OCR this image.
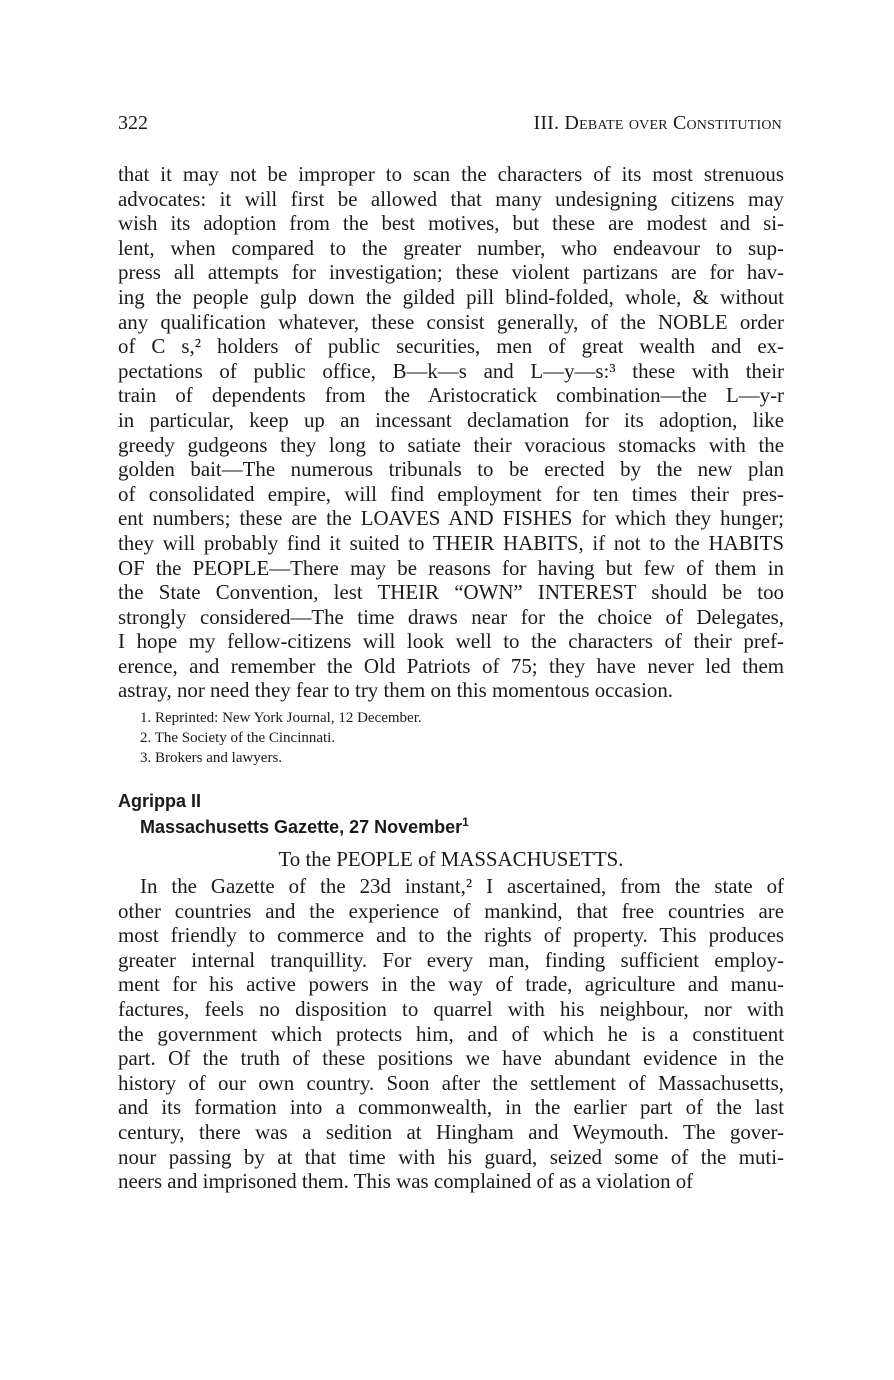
322	III. Debate over Constitution
that it may not be improper to scan the characters of its most strenuous
advocates: it will first be allowed that many undesigning citizens may
wish its adoption from the best motives, but these are modest and si-
lent, when compared to the greater number, who endeavour to sup-
press all attempts for investigation; these violent partizans are for hav-
ing the people gulp down the gilded pill blind-folded, whole, & without
any qualification whatever, these consist generally, of the NOBLE order
of C s,² holders of public securities, men of great wealth and ex-
pectations of public office, B—k—s and L—y—s:³ these with their
train of dependents from the Aristocratick combination—the L—y-r
in particular, keep up an incessant declamation for its adoption, like
greedy gudgeons they long to satiate their voracious stomacks with the
golden bait—The numerous tribunals to be erected by the new plan
of consolidated empire, will find employment for ten times their pres-
ent numbers; these are the LOAVES AND FISHES for which they hunger;
they will probably find it suited to THEIR HABITS, if not to the HABITS
OF the PEOPLE—There may be reasons for having but few of them in
the State Convention, lest THEIR “OWN” INTEREST should be too
strongly considered—The time draws near for the choice of Delegates,
I hope my fellow-citizens will look well to the characters of their pref-
erence, and remember the Old Patriots of 75; they have never led them
astray, nor need they fear to try them on this momentous occasion.
1. Reprinted: New York Journal, 12 December.
2. The Society of the Cincinnati.
3. Brokers and lawyers.
Agrippa II
Massachusetts Gazette, 27 November$^1$
To the PEOPLE of MASSACHUSETTS.
In the Gazette of the 23d instant,² I ascertained, from the state of
other countries and the experience of mankind, that free countries are
most friendly to commerce and to the rights of property. This produces
greater internal tranquillity. For every man, finding sufficient employ-
ment for his active powers in the way of trade, agriculture and manu-
factures, feels no disposition to quarrel with his neighbour, nor with
the government which protects him, and of which he is a constituent
part. Of the truth of these positions we have abundant evidence in the
history of our own country. Soon after the settlement of Massachusetts,
and its formation into a commonwealth, in the earlier part of the last
century, there was a sedition at Hingham and Weymouth. The gover-
nour passing by at that time with his guard, seized some of the muti-
neers and imprisoned them. This was complained of as a violation of
